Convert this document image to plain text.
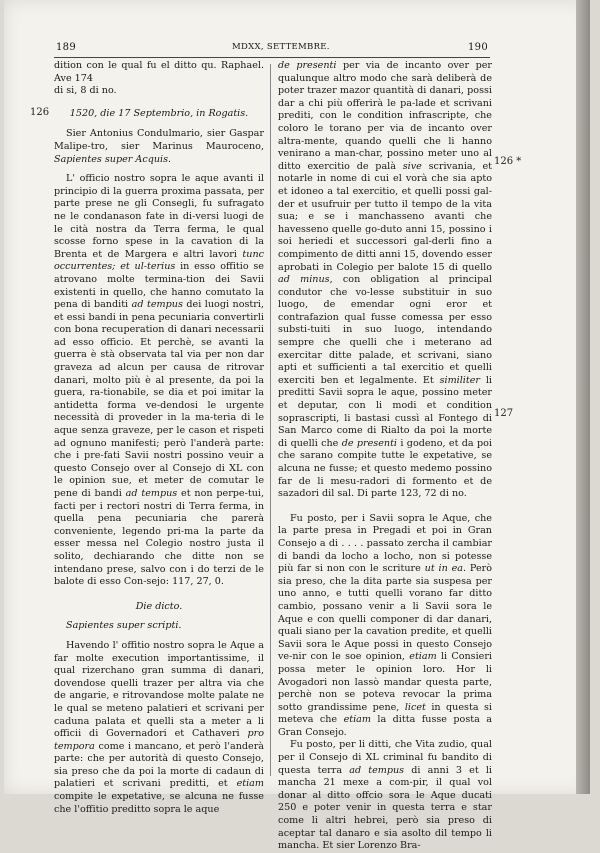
189	MDXX, SETTEMBRE.	190
126
126 *
127

dition con le qual fu el ditto qu. Raphael. Ave 174

di si, 8 di no.

1520, die 17 Septembrio, in Rogatis.

Sier Antonius Condulmario, sier Gaspar Malipe-tro, sier Marinus Mauroceno, Sapientes super Acquis.

L' officio nostro sopra le aque avanti il principio di la guerra proxima passata, per parte prese ne gli Consegli, fu sufragato ne le condanason fate in di-versi luogi de le cità nostra da Terra ferma, le qual scosse forno spese in la cavation di la Brenta et de Margera e altri lavori tunc occurrentes; et ul-terius in esso offitio se atrovano molte termina-tion dei Savii existenti in quello, che hanno comutato la pena di banditi ad tempus dei luogi nostri, et essi bandi in pena pecuniaria convertirli con bona recuperation di danari necessarii ad esso officio. Et perchè, se avanti la guerra è stà observata tal via per non dar graveza ad alcun per causa de ritrovar danari, molto più è al presente, da poi la guera, ra-tionabile, se dia et poi imitar la antidetta forma ve-dendosi le urgente necessità di proveder in la ma-teria di le aque senza graveze, per le cason et rispeti ad ognuno manifesti; però l'anderà parte: che i pre-fati Savii nostri possino veuir a questo Consejo over al Consejo di XL con le opinion sue, et meter de comutar le pene di bandi ad tempus et non perpe-tui, facti per i rectori nostri di Terra ferma, in quella pena pecuniaria che parerà conveniente, legendo pri-ma la parte da esser messa nel Colegio nostro justa il solito, dechiarando che ditte non se intendano prese, salvo con i do terzi de le balote di esso Con-sejo: 117, 27, 0.

Die dicto.

Sapientes super scripti.

Havendo l' offitio nostro sopra le Aque a far molte execution importantissime, il qual rizerchano gran summa di danari, dovendose quelli trazer per altra via che de angarie, e ritrovandose molte palate ne le qual se meteno palatieri et scrivani per caduna palata et quelli sta a meter a li officii di Governadori et Cathaveri pro tempora come i mancano, et però l'anderà parte: che per autorità di questo Consejo, sia preso che da poi la morte di cadaun di palatieri et scrivani preditti, et etiam compite le expetative, se alcuna ne fusse che l'offitio preditto sopra le aque

de presenti per via de incanto over per qualunque altro modo che sarà deliberà de poter trazer mazor quantità di danari, possi dar a chi più offerirà le pa-lade et scrivani prediti, con le condition infrascripte, che coloro le torano per via de incanto over altra-mente, quando quelli che li hanno venirano a man-char, possino meter uno al ditto exercitio de palà sive scrivania, et notarle in nome di cui el vorà che sia apto et idoneo a tal exercitio, et quelli possi gal-der et usufruir per tutto il tempo de la vita sua; e se i manchasseno avanti che havesseno quelle go-duto anni 15, possino i soi heriedi et successori gal-derli fino a compimento de ditti anni 15, dovendo esser aprobati in Colegio per balote 15 di quello ad minus, con obligation al principal condutor che vo-lesse substituir in suo luogo, de emendar ogni eror et contrafazion qual fusse comessa per esso substi-tuiti in suo luogo, intendando sempre che quelli che i meterano ad exercitar ditte palade, et scrivani, siano apti et sufficienti a tal exercitio et quelli exerciti ben et legalmente. Et similiter li preditti Savii sopra le aque, possino meter et deputar, con li modi et condition soprascripti, li bastasi cussì al Fontego di San Marco come di Rialto da poi la morte di quelli che de presenti i godeno, et da poi che sarano compite tutte le expetative, se alcuna ne fusse; et questo medemo possino far de li mesu-radori di formento et de sazadori dil sal. Di parte 123, 72 di no.

Fu posto, per i Savii sopra le Aque, che la parte presa in Pregadi et poi in Gran Consejo a di . . . . passato zercha il cambiar di bandi da locho a locho, non si potesse più far si non con le scriture ut in ea. Però sia preso, che la dita parte sia suspesa per uno anno, e tutti quelli vorano far ditto cambio, possano venir a li Savii sora le Aque e con quelli componer di dar danari, quali siano per la cavation predite, et quelli Savii sora le Aque possi in questo Consejo ve-nir con le soe opinion, etiam li Consieri possa meter le opinion loro. Hor li Avogadori non lassò mandar questa parte, perchè non se poteva revocar la prima sotto grandissime pene, licet in questa si meteva che etiam la ditta fusse posta a Gran Consejo.

Fu posto, per li ditti, che Vita zudio, qual per il Consejo di XL criminal fu bandito di questa terra ad tempus di anni 3 et li mancha 21 mexe a com-pir, il qual vol donar al ditto offcio sora le Aque ducati 250 e poter venir in questa terra e star come li altri hebrei, però sia preso di aceptar tal danaro e sia asolto dil tempo li mancha. Et sier Lorenzo Bra-
